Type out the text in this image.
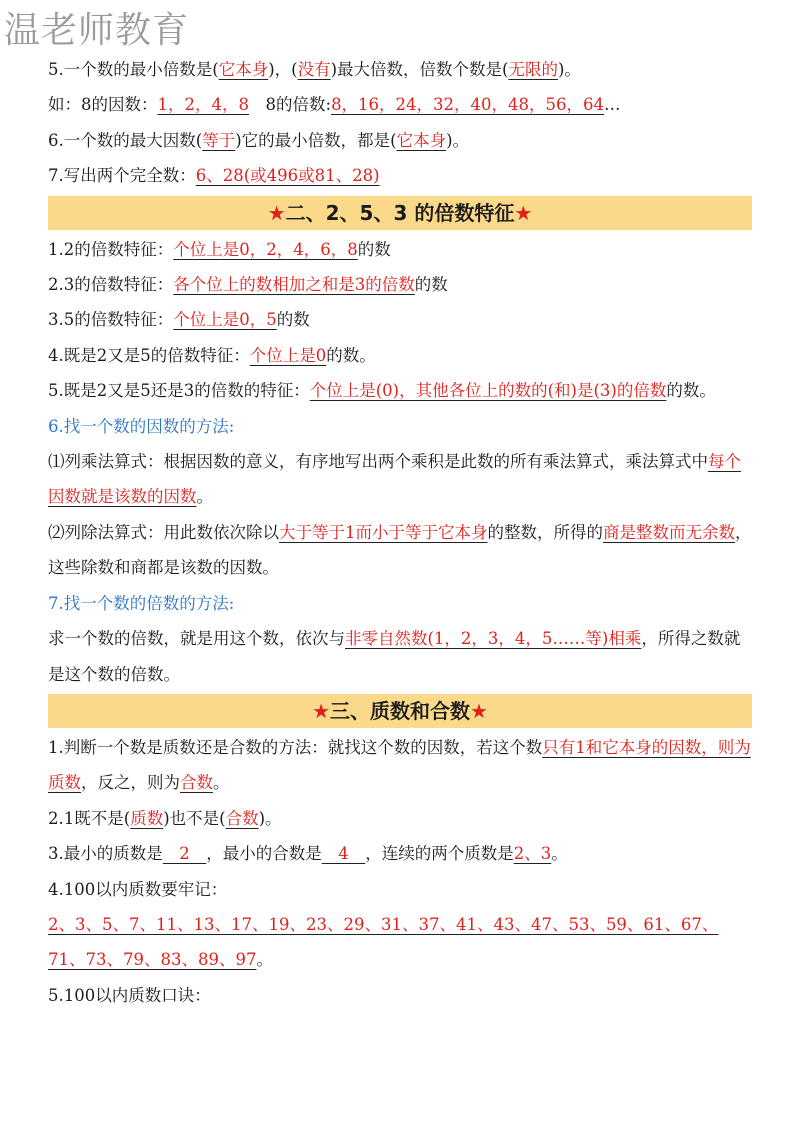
温老师教育
5.一个数的最小倍数是(它本身)，(没有)最大倍数，倍数个数是(无限的)。
如：8的因数：1，2，4，8　8的倍数:8，16，24，32，40，48，56，64…
6.一个数的最大因数(等于)它的最小倍数，都是(它本身)。
7.写出两个完全数：6、28(或496或81、28)
★二、2、5、3 的倍数特征★
1.2的倍数特征：个位上是0，2，4，6，8的数
2.3的倍数特征：各个位上的数相加之和是3的倍数的数
3.5的倍数特征：个位上是0，5的数
4.既是2又是5的倍数特征：个位上是0的数。
5.既是2又是5还是3的倍数的特征：个位上是(0)，其他各位上的数的(和)是(3)的倍数的数。
6.找一个数的因数的方法:
⑴列乘法算式：根据因数的意义，有序地写出两个乘积是此数的所有乘法算式，乘法算式中每个因数就是该数的因数。
⑵列除法算式：用此数依次除以大于等于1而小于等于它本身的整数，所得的商是整数而无余数，这些除数和商都是该数的因数。
7.找一个数的倍数的方法:
求一个数的倍数，就是用这个数，依次与非零自然数(1，2，3，4，5……等)相乘，所得之数就是这个数的倍数。
★三、质数和合数★
1.判断一个数是质数还是合数的方法：就找这个数的因数，若这个数只有1和它本身的因数，则为质数，反之，则为合数。
2.1既不是(质数)也不是(合数)。
3.最小的质数是　2　，最小的合数是　4　，连续的两个质数是2、3。
4.100以内质数要牢记：
2、3、5、7、11、13、17、19、23、29、31、37、41、43、47、53、59、61、67、71、73、79、83、89、97。
5.100以内质数口诀：
